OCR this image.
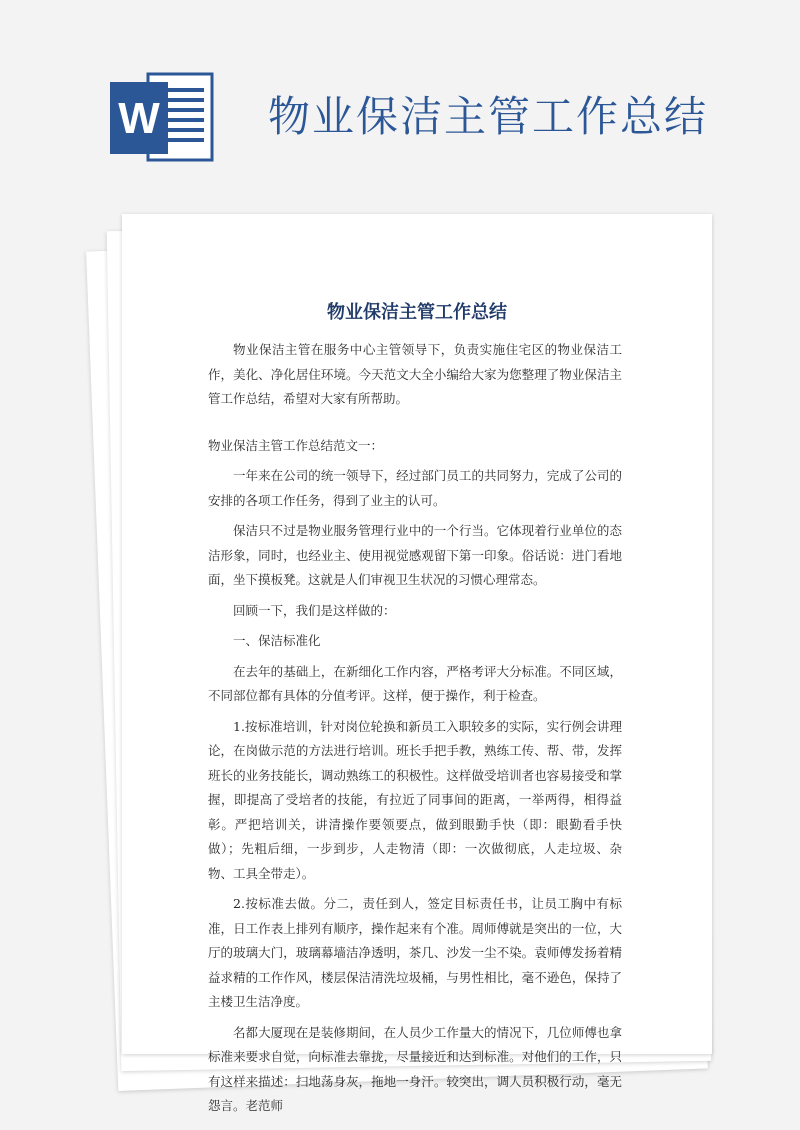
W	物业保洁主管工作总结
物业保洁主管工作总结

物业保洁主管在服务中心主管领导下，负责实施住宅区的物业保洁工作，美化、净化居住环境。今天范文大全小编给大家为您整理了物业保洁主管工作总结，希望对大家有所帮助。

物业保洁主管工作总结范文一：

一年来在公司的统一领导下，经过部门员工的共同努力，完成了公司的安排的各项工作任务，得到了业主的认可。

保洁只不过是物业服务管理行业中的一个行当。它体现着行业单位的态洁形象，同时，也经业主、使用视觉感观留下第一印象。俗话说：进门看地面，坐下摸板凳。这就是人们审视卫生状况的习惯心理常态。

回顾一下，我们是这样做的：

一、保洁标准化

在去年的基础上，在新细化工作内容，严格考评大分标准。不同区域，不同部位都有具体的分值考评。这样，便于操作，利于检查。

1.按标准培训，针对岗位轮换和新员工入职较多的实际，实行例会讲理论，在岗做示范的方法进行培训。班长手把手教，熟练工传、帮、带，发挥班长的业务技能长，调动熟练工的积极性。这样做受培训者也容易接受和掌握，即提高了受培者的技能，有拉近了同事间的距离，一举两得，相得益彰。严把培训关，讲清操作要领要点，做到眼勤手快（即：眼勤看手快做）；先粗后细，一步到步，人走物清（即：一次做彻底，人走垃圾、杂物、工具全带走）。

2.按标准去做。分二，责任到人，签定目标责任书，让员工胸中有标准，日工作表上排列有顺序，操作起来有个准。周师傅就是突出的一位，大厅的玻璃大门，玻璃幕墙洁净透明，茶几、沙发一尘不染。袁师傅发扬着精益求精的工作作风，楼层保洁清洗垃圾桶，与男性相比，毫不逊色，保持了主楼卫生洁净度。

名都大厦现在是装修期间，在人员少工作量大的情况下，几位师傅也拿标准来要求自觉，向标准去靠拢，尽量接近和达到标准。对他们的工作，只有这样来描述：扫地荡身灰，拖地一身汗。较突出，调人员积极行动，毫无怨言。老范师
